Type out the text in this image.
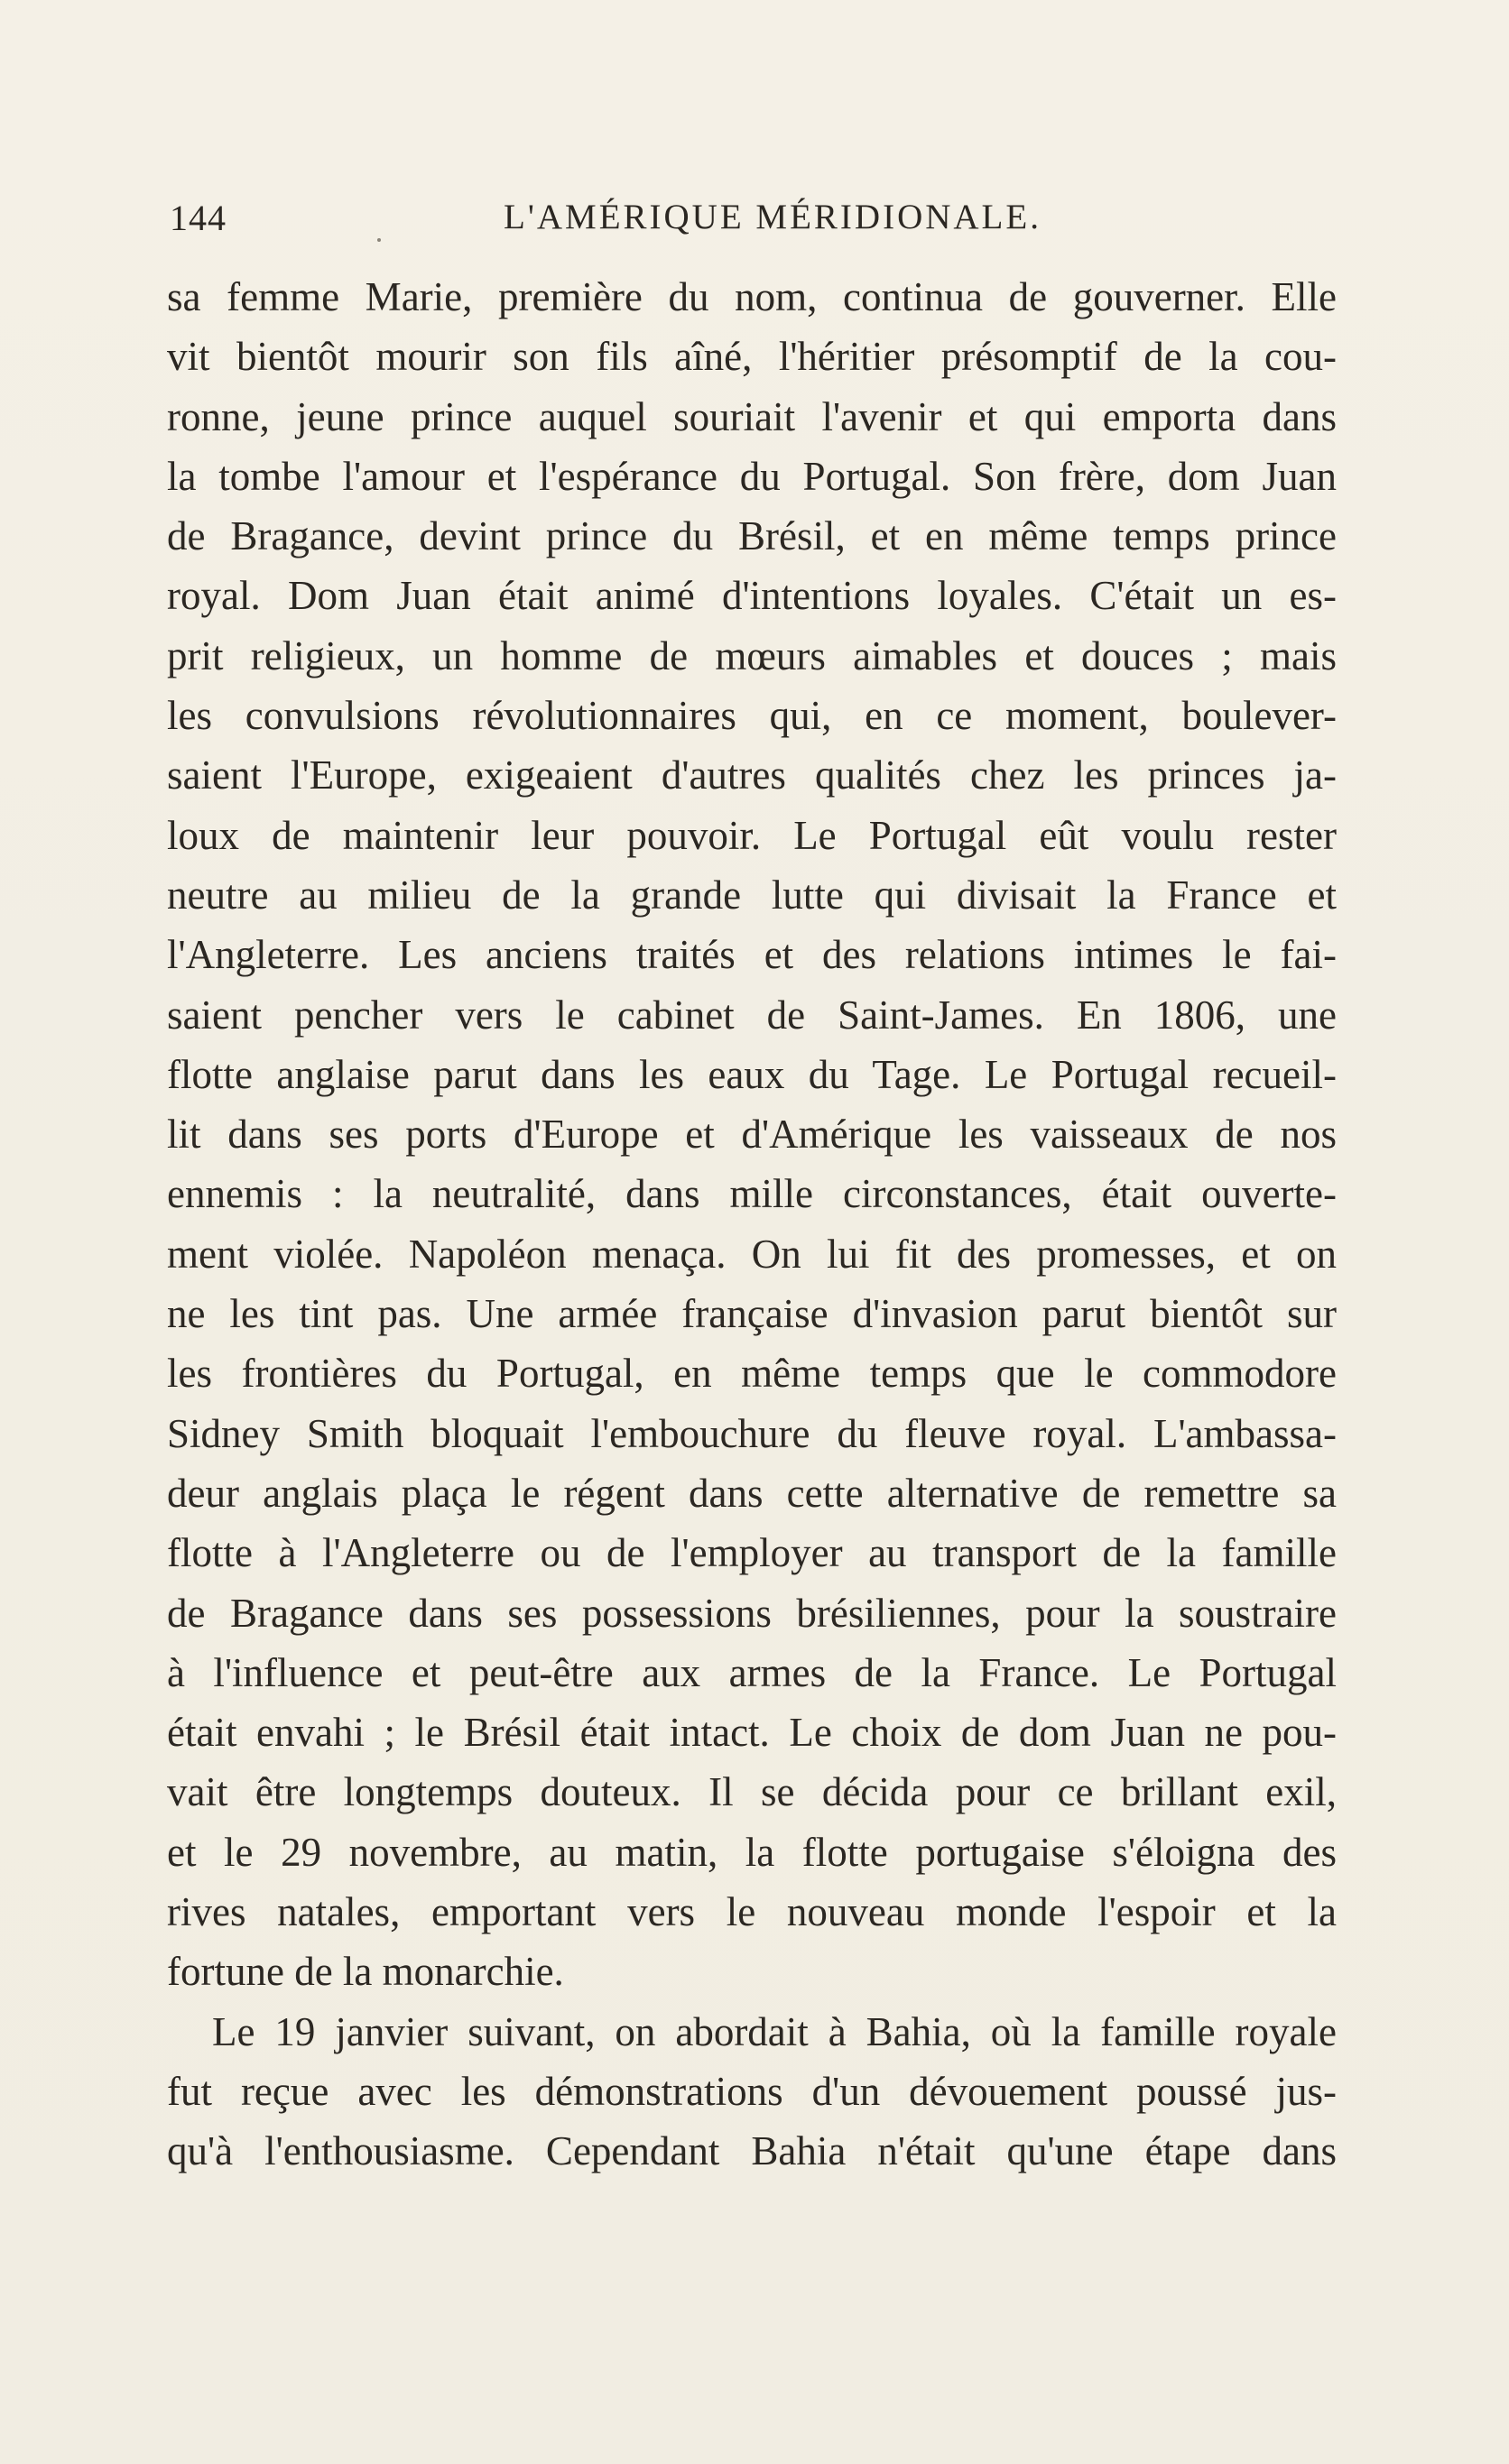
144	L'AMÉRIQUE MÉRIDIONALE.
sa femme Marie, première du nom, continua de gouverner. Elle
vit bientôt mourir son fils aîné, l'héritier présomptif de la cou-
ronne, jeune prince auquel souriait l'avenir et qui emporta dans
la tombe l'amour et l'espérance du Portugal. Son frère, dom Juan
de Bragance, devint prince du Brésil, et en même temps prince
royal. Dom Juan était animé d'intentions loyales. C'était un es-
prit religieux, un homme de mœurs aimables et douces ; mais
les convulsions révolutionnaires qui, en ce moment, boulever-
saient l'Europe, exigeaient d'autres qualités chez les princes ja-
loux de maintenir leur pouvoir. Le Portugal eût voulu rester
neutre au milieu de la grande lutte qui divisait la France et
l'Angleterre. Les anciens traités et des relations intimes le fai-
saient pencher vers le cabinet de Saint-James. En 1806, une
flotte anglaise parut dans les eaux du Tage. Le Portugal recueil-
lit dans ses ports d'Europe et d'Amérique les vaisseaux de nos
ennemis : la neutralité, dans mille circonstances, était ouverte-
ment violée. Napoléon menaça. On lui fit des promesses, et on
ne les tint pas. Une armée française d'invasion parut bientôt sur
les frontières du Portugal, en même temps que le commodore
Sidney Smith bloquait l'embouchure du fleuve royal. L'ambassa-
deur anglais plaça le régent dans cette alternative de remettre sa
flotte à l'Angleterre ou de l'employer au transport de la famille
de Bragance dans ses possessions brésiliennes, pour la soustraire
à l'influence et peut-être aux armes de la France. Le Portugal
était envahi ; le Brésil était intact. Le choix de dom Juan ne pou-
vait être longtemps douteux. Il se décida pour ce brillant exil,
et le 29 novembre, au matin, la flotte portugaise s'éloigna des
rives natales, emportant vers le nouveau monde l'espoir et la
fortune de la monarchie.
Le 19 janvier suivant, on abordait à Bahia, où la famille royale
fut reçue avec les démonstrations d'un dévouement poussé jus-
qu'à l'enthousiasme. Cependant Bahia n'était qu'une étape dans
